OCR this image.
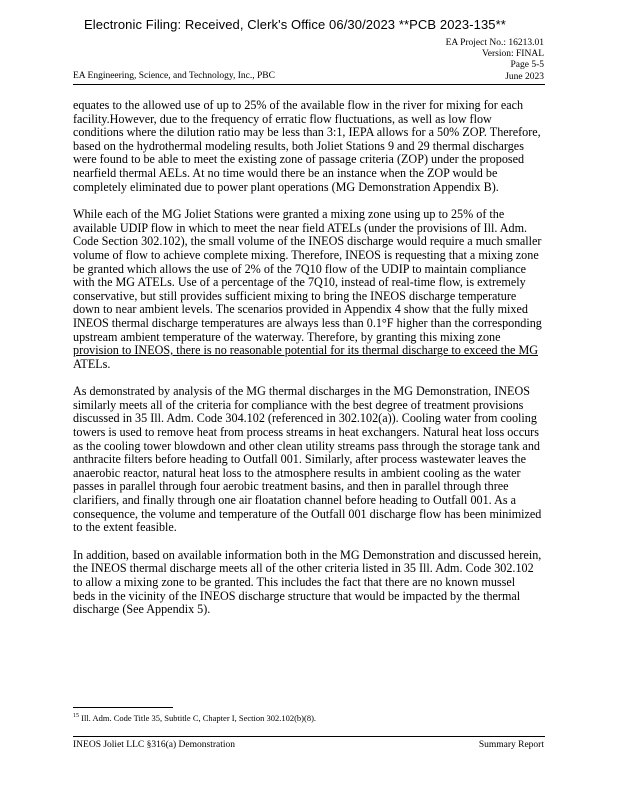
Electronic Filing: Received, Clerk's Office 06/30/2023 **PCB 2023-135**
EA Project No.: 16213.01
Version: FINAL
Page 5-5
June 2023
EA Engineering, Science, and Technology, Inc., PBC

equates to the allowed use of up to 25% of the available flow in the river for mixing for each
facility.However, due to the frequency of erratic flow fluctuations, as well as low flow
conditions where the dilution ratio may be less than 3:1, IEPA allows for a 50% ZOP. Therefore,
based on the hydrothermal modeling results, both Joliet Stations 9 and 29 thermal discharges
were found to be able to meet the existing zone of passage criteria (ZOP) under the proposed
nearfield thermal AELs. At no time would there be an instance when the ZOP would be
completely eliminated due to power plant operations (MG Demonstration Appendix B).

While each of the MG Joliet Stations were granted a mixing zone using up to 25% of the
available UDIP flow in which to meet the near field ATELs (under the provisions of Ill. Adm.
Code Section 302.102), the small volume of the INEOS discharge would require a much smaller
volume of flow to achieve complete mixing. Therefore, INEOS is requesting that a mixing zone
be granted which allows the use of 2% of the 7Q10 flow of the UDIP to maintain compliance
with the MG ATELs. Use of a percentage of the 7Q10, instead of real-time flow, is extremely
conservative, but still provides sufficient mixing to bring the INEOS discharge temperature
down to near ambient levels. The scenarios provided in Appendix 4 show that the fully mixed
INEOS thermal discharge temperatures are always less than 0.1°F higher than the corresponding
upstream ambient temperature of the waterway. Therefore, by granting this mixing zone
provision to INEOS, there is no reasonable potential for its thermal discharge to exceed the MG
ATELs.

As demonstrated by analysis of the MG thermal discharges in the MG Demonstration, INEOS
similarly meets all of the criteria for compliance with the best degree of treatment provisions
discussed in 35 Ill. Adm. Code 304.102 (referenced in 302.102(a)). Cooling water from cooling
towers is used to remove heat from process streams in heat exchangers. Natural heat loss occurs
as the cooling tower blowdown and other clean utility streams pass through the storage tank and
anthracite filters before heading to Outfall 001. Similarly, after process wastewater leaves the
anaerobic reactor, natural heat loss to the atmosphere results in ambient cooling as the water
passes in parallel through four aerobic treatment basins, and then in parallel through three
clarifiers, and finally through one air floatation channel before heading to Outfall 001. As a
consequence, the volume and temperature of the Outfall 001 discharge flow has been minimized
to the extent feasible.

In addition, based on available information both in the MG Demonstration and discussed herein,
the INEOS thermal discharge meets all of the other criteria listed in 35 Ill. Adm. Code 302.102
to allow a mixing zone to be granted. This includes the fact that there are no known mussel
beds in the vicinity of the INEOS discharge structure that would be impacted by the thermal
discharge (See Appendix 5).

$^{15}$ Ill. Adm. Code Title 35, Subtitle C, Chapter I, Section 302.102(b)(8).
INEOS Joliet LLC §316(a) Demonstration	Summary Report
